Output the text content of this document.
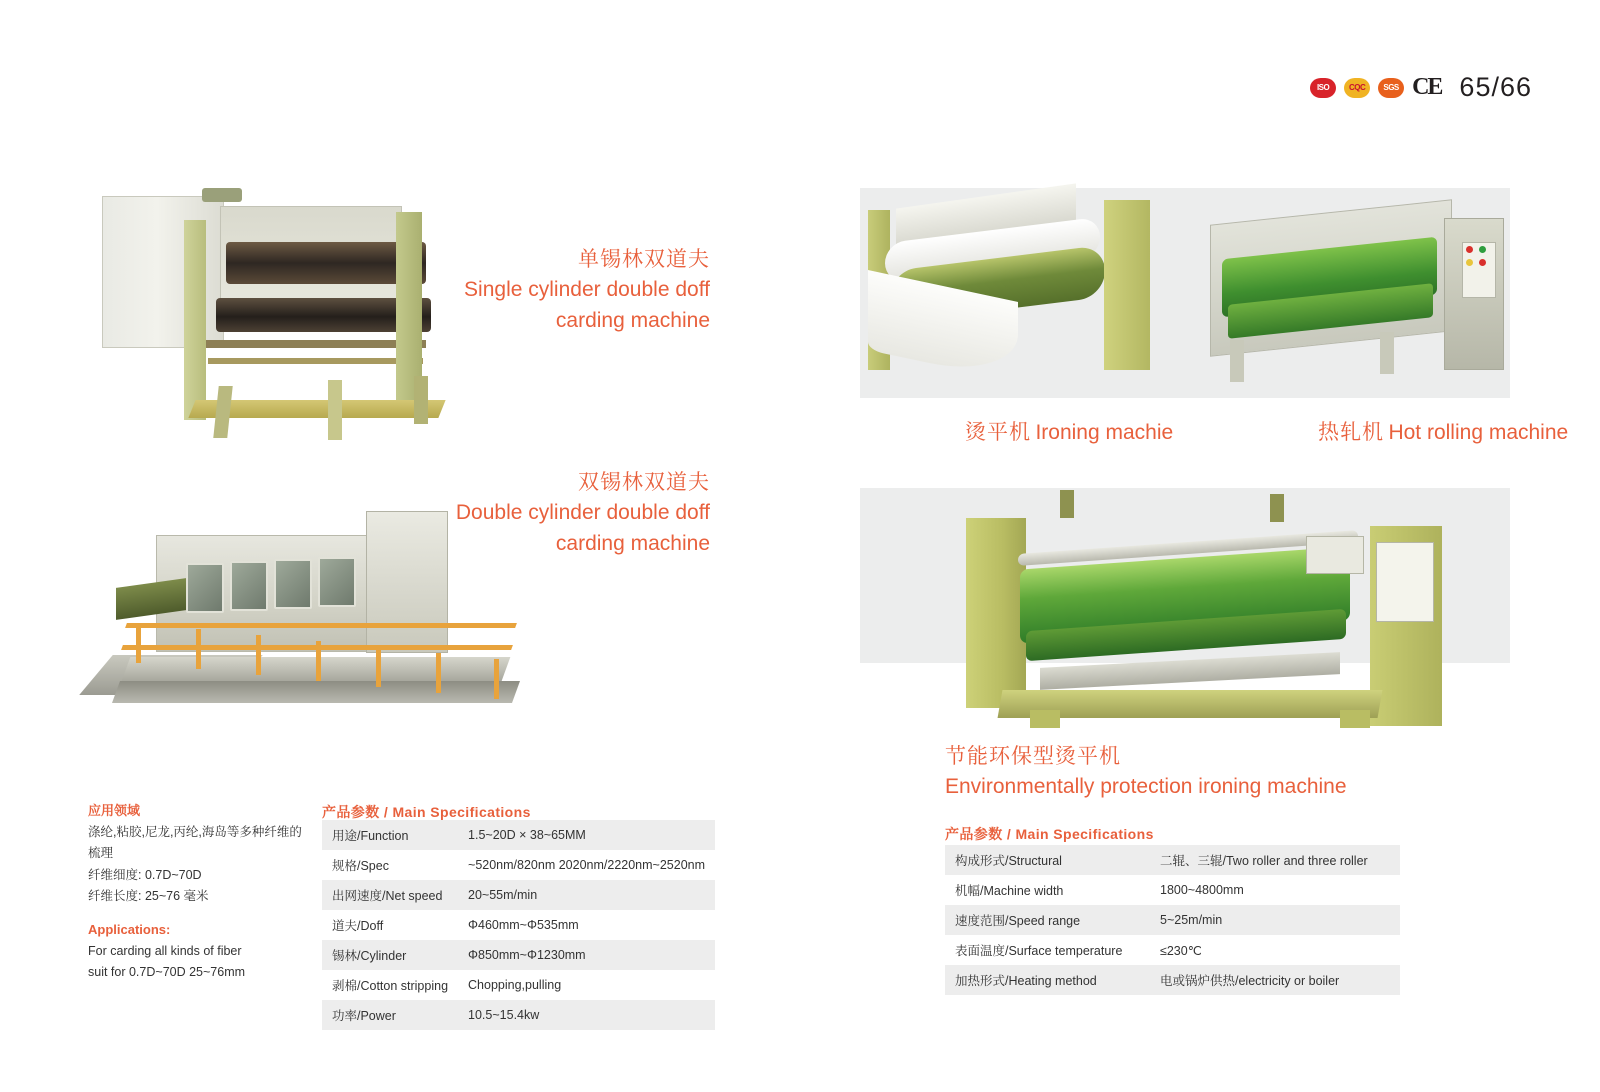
ISO	CQC	SGS CE 65/66
单锡林双道夫
Single cylinder double doff
carding machine
双锡林双道夫
Double cylinder double doff
carding machine
烫平机 Ironing machie	热轧机 Hot rolling machine
节能环保型烫平机
Environmentally protection ironing machine
应用领域
涤纶,粘胶,尼龙,丙纶,海岛等多种纤维的梳理
纤维细度: 0.7D~70D
纤维长度: 25~76 毫米
Applications:
For carding all kinds of fiber
suit for 0.7D~70D 25~76mm
产品参数 / Main Specifications
用途/Function	1.5~20D × 38~65MM
规格/Spec	~520nm/820nm 2020nm/2220nm~2520nm
出网速度/Net speed	20~55m/min
道夫/Doff	Φ460mm~Φ535mm
锡林/Cylinder	Φ850mm~Φ1230mm
剥棉/Cotton stripping	Chopping,pulling
功率/Power	10.5~15.4kw
产品参数 / Main Specifications
构成形式/Structural	二辊、三辊/Two roller and three roller
机幅/Machine width	1800~4800mm
速度范围/Speed range	5~25m/min
表面温度/Surface temperature	≤230℃
加热形式/Heating method	电或锅炉供热/electricity or boiler
